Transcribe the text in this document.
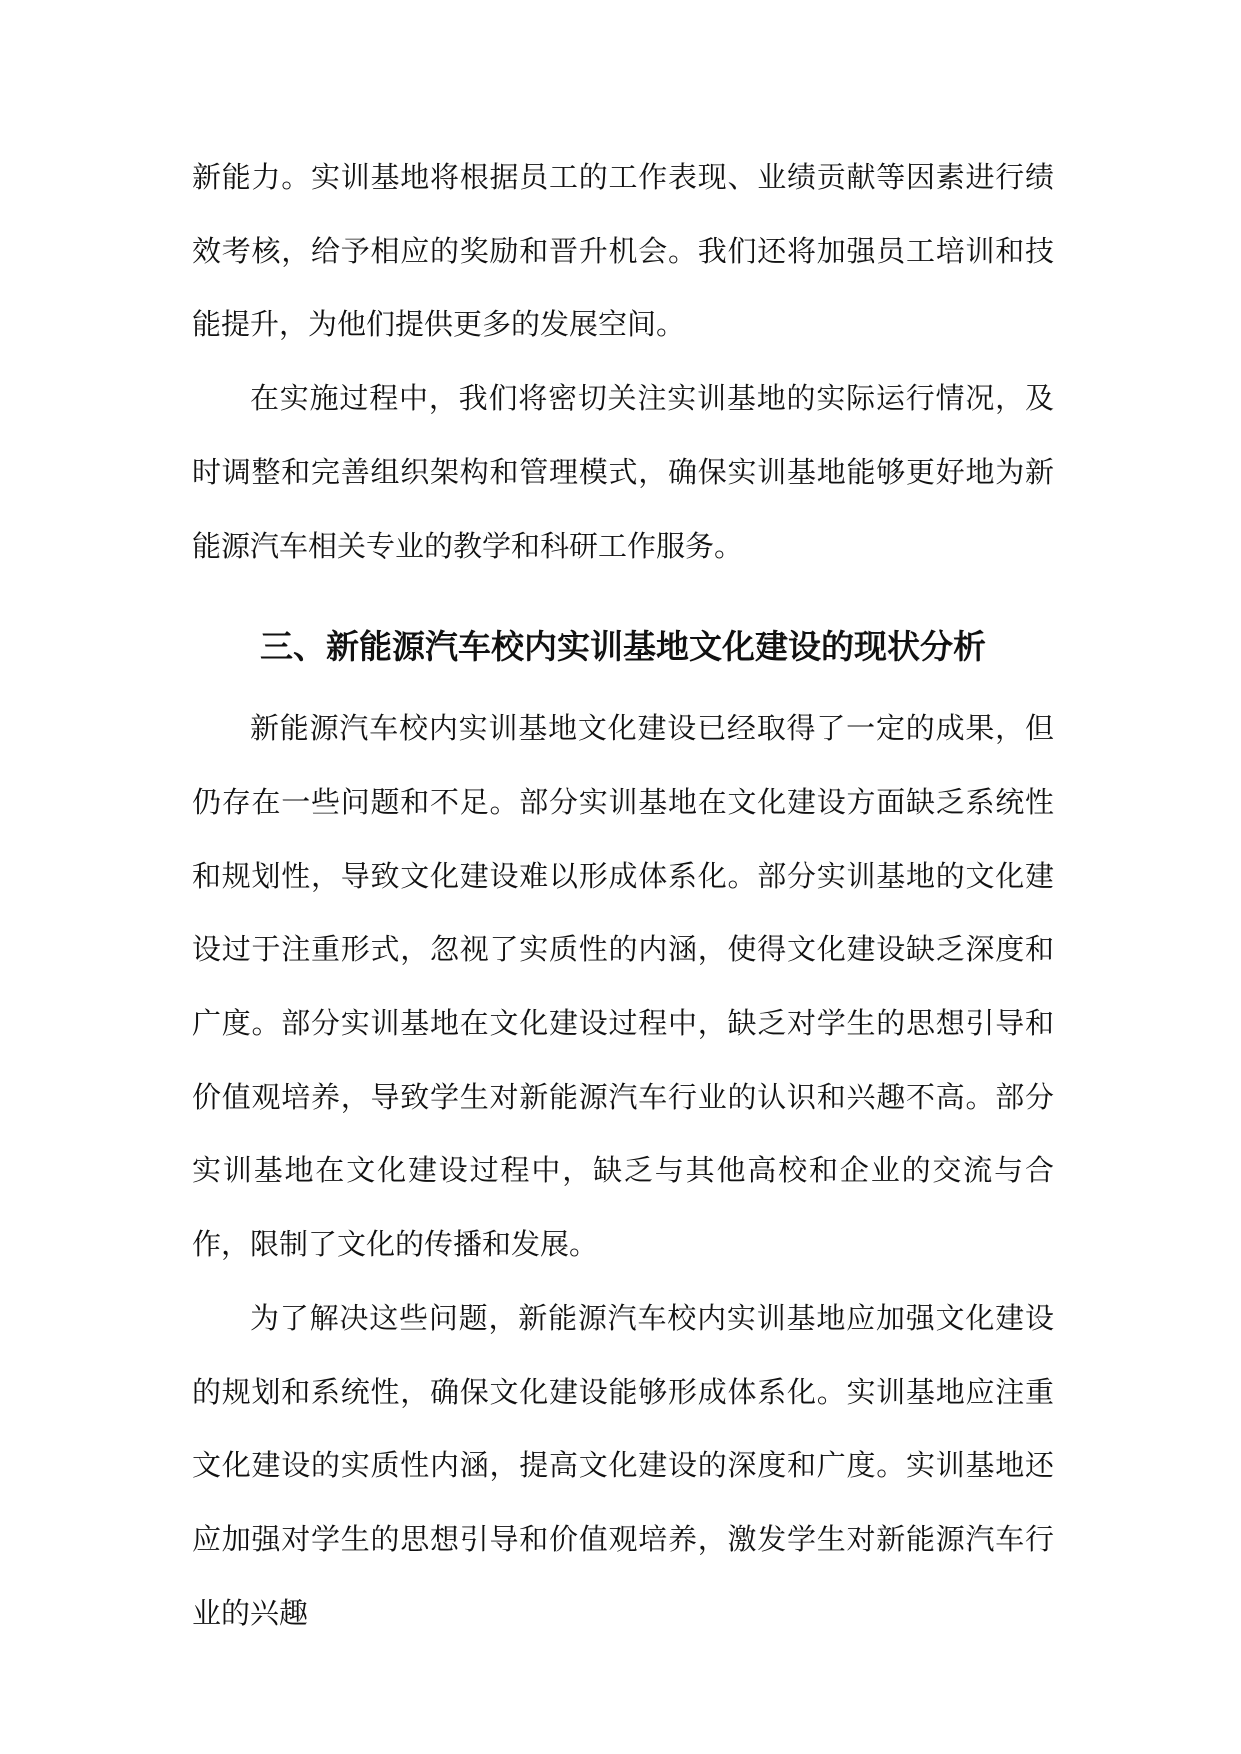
新能力。实训基地将根据员工的工作表现、业绩贡献等因素进行绩效考核，给予相应的奖励和晋升机会。我们还将加强员工培训和技能提升，为他们提供更多的发展空间。

在实施过程中，我们将密切关注实训基地的实际运行情况，及时调整和完善组织架构和管理模式，确保实训基地能够更好地为新能源汽车相关专业的教学和科研工作服务。

三、新能源汽车校内实训基地文化建设的现状分析

新能源汽车校内实训基地文化建设已经取得了一定的成果，但仍存在一些问题和不足。部分实训基地在文化建设方面缺乏系统性和规划性，导致文化建设难以形成体系化。部分实训基地的文化建设过于注重形式，忽视了实质性的内涵，使得文化建设缺乏深度和广度。部分实训基地在文化建设过程中，缺乏对学生的思想引导和价值观培养，导致学生对新能源汽车行业的认识和兴趣不高。部分实训基地在文化建设过程中，缺乏与其他高校和企业的交流与合作，限制了文化的传播和发展。

为了解决这些问题，新能源汽车校内实训基地应加强文化建设的规划和系统性，确保文化建设能够形成体系化。实训基地应注重文化建设的实质性内涵，提高文化建设的深度和广度。实训基地还应加强对学生的思想引导和价值观培养，激发学生对新能源汽车行业的兴趣
